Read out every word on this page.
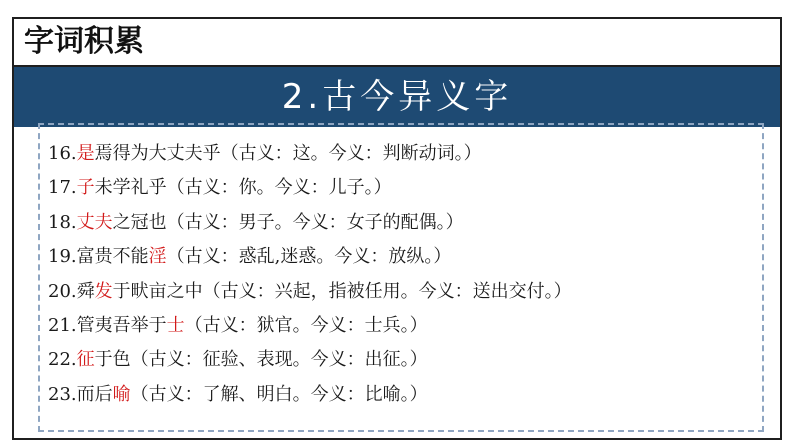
字词积累
2.古今异义字
16.是焉得为大丈夫乎（古义：这。今义：判断动词。）
17.子未学礼乎（古义：你。今义：儿子。）
18.丈夫之冠也（古义：男子。今义：女子的配偶。）
19.富贵不能淫（古义：惑乱,迷惑。今义：放纵。）
20.舜发于畎亩之中（古义：兴起，指被任用。今义：送出交付。）
21.管夷吾举于士（古义：狱官。今义：士兵。）
22.征于色（古义：征验、表现。今义：出征。）
23.而后喻（古义：了解、明白。今义：比喻。）
